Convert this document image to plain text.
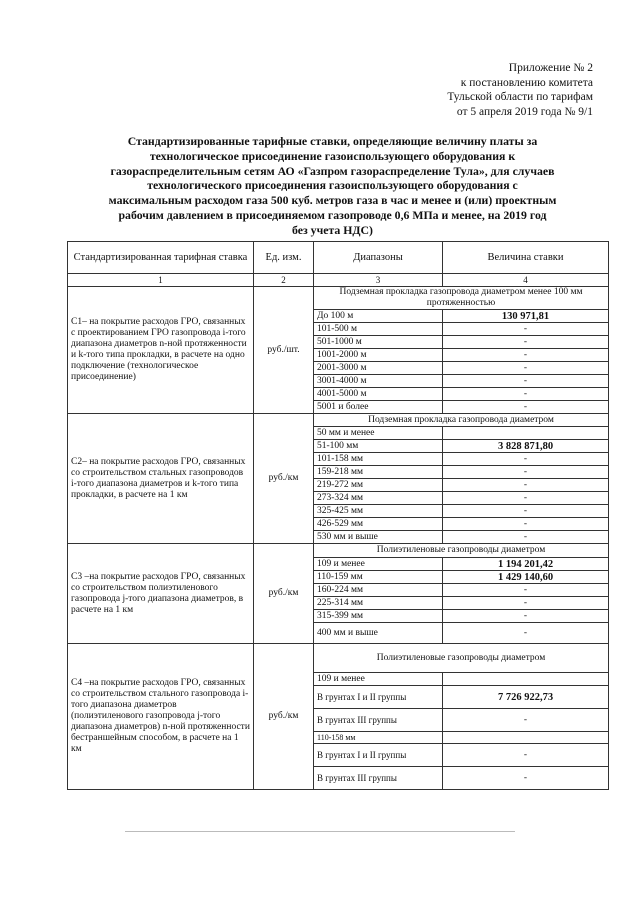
Приложение № 2
к постановлению комитета
Тульской области по тарифам
от 5 апреля 2019 года № 9/1
Стандартизированные тарифные ставки, определяющие величину платы за
технологическое присоединение газоиспользующего оборудования к
газораспределительным сетям АО «Газпром газораспределение Тула», для случаев
технологического присоединения газоиспользующего оборудования с
максимальным расходом газа 500 куб. метров газа в час и менее и (или) проектным
рабочим давлением в присоединяемом газопроводе 0,6 МПа и менее, на 2019 год
без учета НДС)
Стандартизированная тарифная ставка	Ед. изм.	Диапазоны	Величина ставки
1	2	3	4
С1– на покрытие расходов ГРО, связанных с проектированием ГРО газопровода i-того диапазона диаметров n-ной протяженности и k-того типа прокладки, в расчете на одно подключение (технологическое присоединение)	руб./шт.	Подземная прокладка газопровода диаметром менее 100 мм протяженностью	
		До 100 м	130 971,81
		101-500 м	-
		501-1000 м	-
		1001-2000 м	-
		2001-3000 м	-
		3001-4000 м	-
		4001-5000 м	-
		5001 и более	-
С2– на покрытие расходов ГРО, связанных со строительством стальных газопроводов i-того диапазона диаметров и k-того типа прокладки, в расчете на 1 км	руб./км	Подземная прокладка газопровода диаметром	
		50 мм и менее	
		51-100 мм	3 828 871,80
		101-158 мм	-
		159-218 мм	-
		219-272 мм	-
		273-324 мм	-
		325-425 мм	-
		426-529 мм	-
		530 мм и выше	-
С3 –на покрытие расходов ГРО, связанных со строительством полиэтиленового газопровода j-того диапазона диаметров, в расчете на 1 км	руб./км	Полиэтиленовые газопроводы диаметром	
		109 и менее	1 194 201,42
		110-159 мм	1 429 140,60
		160-224 мм	-
		225-314 мм	-
		315-399 мм	-
		400 мм и выше	-
С4 –на покрытие расходов ГРО, связанных со строительством стального газопровода i-того диапазона диаметров (полиэтиленового газопровода j-того диапазона диаметров) n-ной протяженности бестраншейным способом, в расчете на 1 км	руб./км	Полиэтиленовые газопроводы диаметром	
		109 и менее	
		В грунтах I и II группы	7 726 922,73
		В грунтах III группы	-
		110-158 мм	
		В грунтах I и II группы	-
		В грунтах III группы	-
